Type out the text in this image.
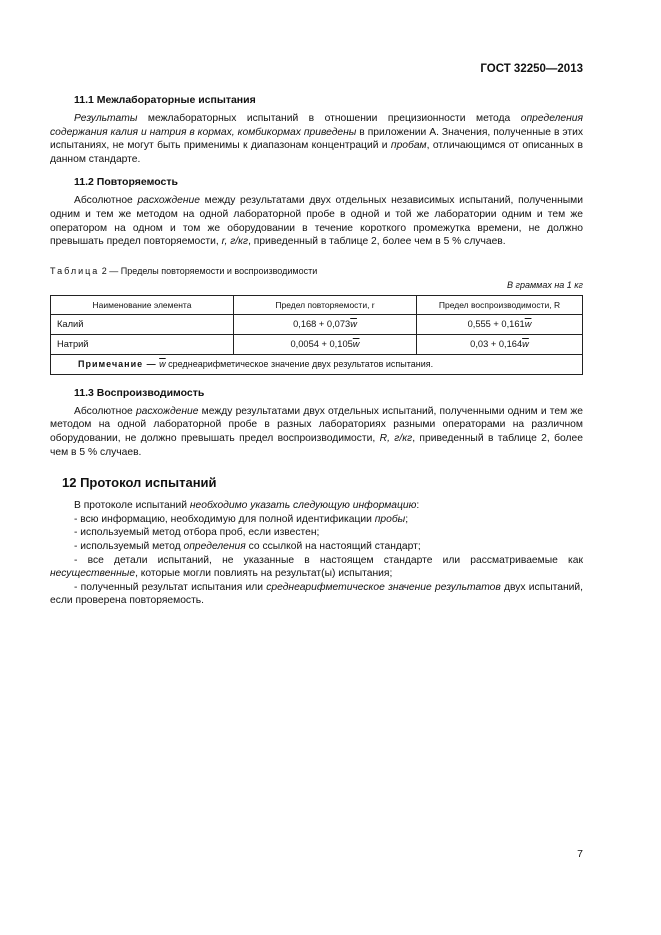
ГОСТ 32250—2013
11.1 Межлабораторные испытания

Результаты межлабораторных испытаний в отношении прецизионности метода определения содержания калия и натрия в кормах, комбикормах приведены в приложении А. Значения, полученные в этих испытаниях, не могут быть применимы к диапазонам концентраций и пробам, отличающимся от описанных в данном стандарте.

11.2 Повторяемость

Абсолютное расхождение между результатами двух отдельных независимых испытаний, полученными одним и тем же методом на одной лабораторной пробе в одной и той же лаборатории одним и тем же оператором на одном и том же оборудовании в течение короткого промежутка времени, не должно превышать предел повторяемости, r, г/кг, приведенный в таблице 2, более чем в 5 % случаев.

Таблица 2 — Пределы повторяемости и воспроизводимости
В граммах на 1 кг
Наименование элемента	Предел повторяемости, r	Предел воспроизводимости, R
Калий	$0,168 + 0,073\overline{w}$	$0,555 + 0,161\overline{w}$
Натрий	$0,0054 + 0,105\overline{w}$	$0,03 + 0,164\overline{w}$
Примечание — $\overline{w}$ среднеарифметическое значение двух результатов испытания.		
11.3 Воспроизводимость

Абсолютное расхождение между результатами двух отдельных испытаний, полученными одним и тем же методом на одной лабораторной пробе в разных лабораториях разными операторами на различном оборудовании, не должно превышать предел воспроизводимости, R, г/кг, приведенный в таблице 2, более чем в 5 % случаев.

12 Протокол испытаний

В протоколе испытаний необходимо указать следующую информацию:

- всю информацию, необходимую для полной идентификации пробы;

- используемый метод отбора проб, если известен;

- используемый метод определения со ссылкой на настоящий стандарт;

- все детали испытаний, не указанные в настоящем стандарте или рассматриваемые как несущественные, которые могли повлиять на результат(ы) испытания;

- полученный результат испытания или среднеарифметическое значение результатов двух испытаний, если проверена повторяемость.

7
